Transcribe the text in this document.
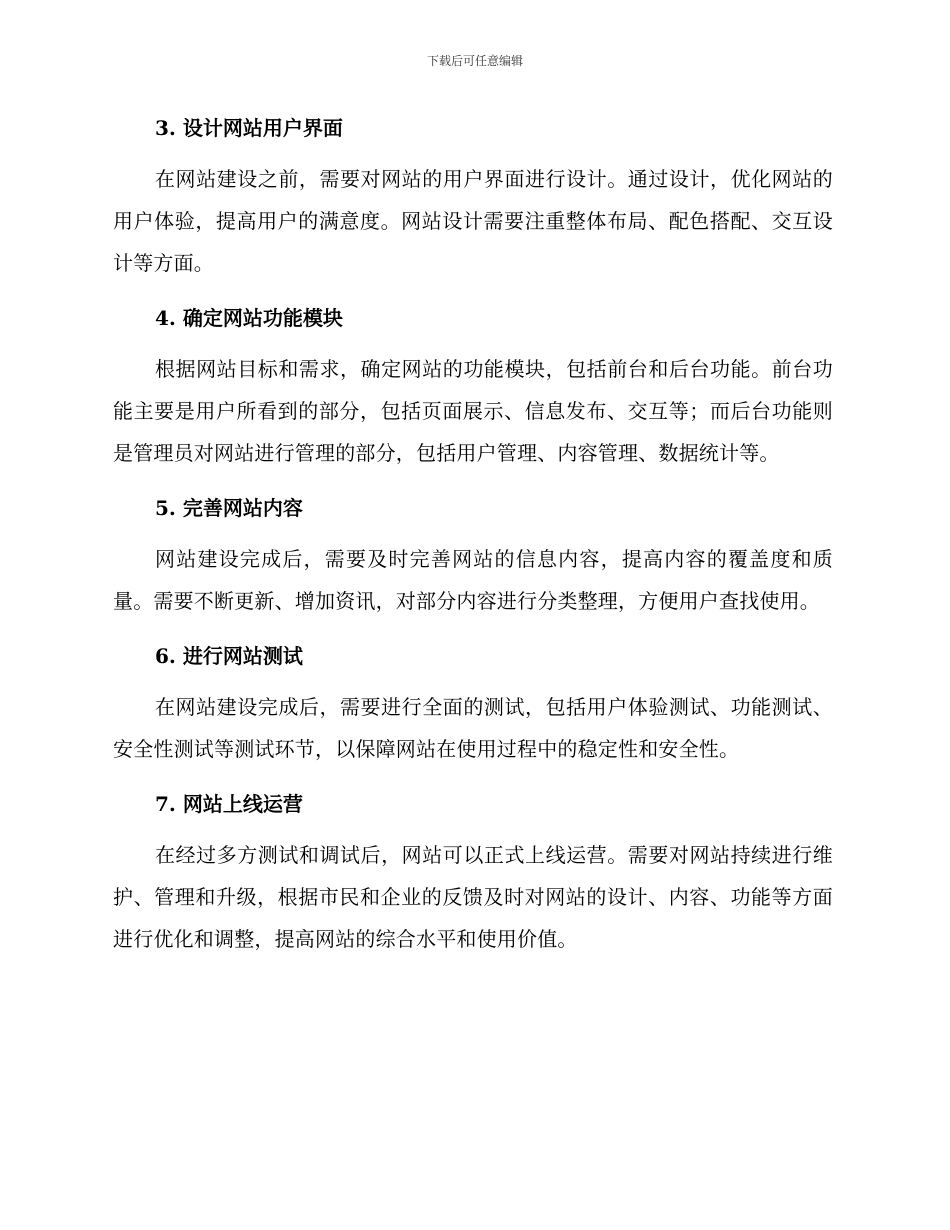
下载后可任意编辑
3. 设计网站用户界面

在网站建设之前，需要对网站的用户界面进行设计。通过设计，优化网站的用户体验，提高用户的满意度。网站设计需要注重整体布局、配色搭配、交互设计等方面。

4. 确定网站功能模块

根据网站目标和需求，确定网站的功能模块，包括前台和后台功能。前台功能主要是用户所看到的部分，包括页面展示、信息发布、交互等；而后台功能则是管理员对网站进行管理的部分，包括用户管理、内容管理、数据统计等。

5. 完善网站内容

网站建设完成后，需要及时完善网站的信息内容，提高内容的覆盖度和质量。需要不断更新、增加资讯，对部分内容进行分类整理，方便用户查找使用。

6. 进行网站测试

在网站建设完成后，需要进行全面的测试，包括用户体验测试、功能测试、安全性测试等测试环节，以保障网站在使用过程中的稳定性和安全性。

7. 网站上线运营

在经过多方测试和调试后，网站可以正式上线运营。需要对网站持续进行维护、管理和升级，根据市民和企业的反馈及时对网站的设计、内容、功能等方面进行优化和调整，提高网站的综合水平和使用价值。
